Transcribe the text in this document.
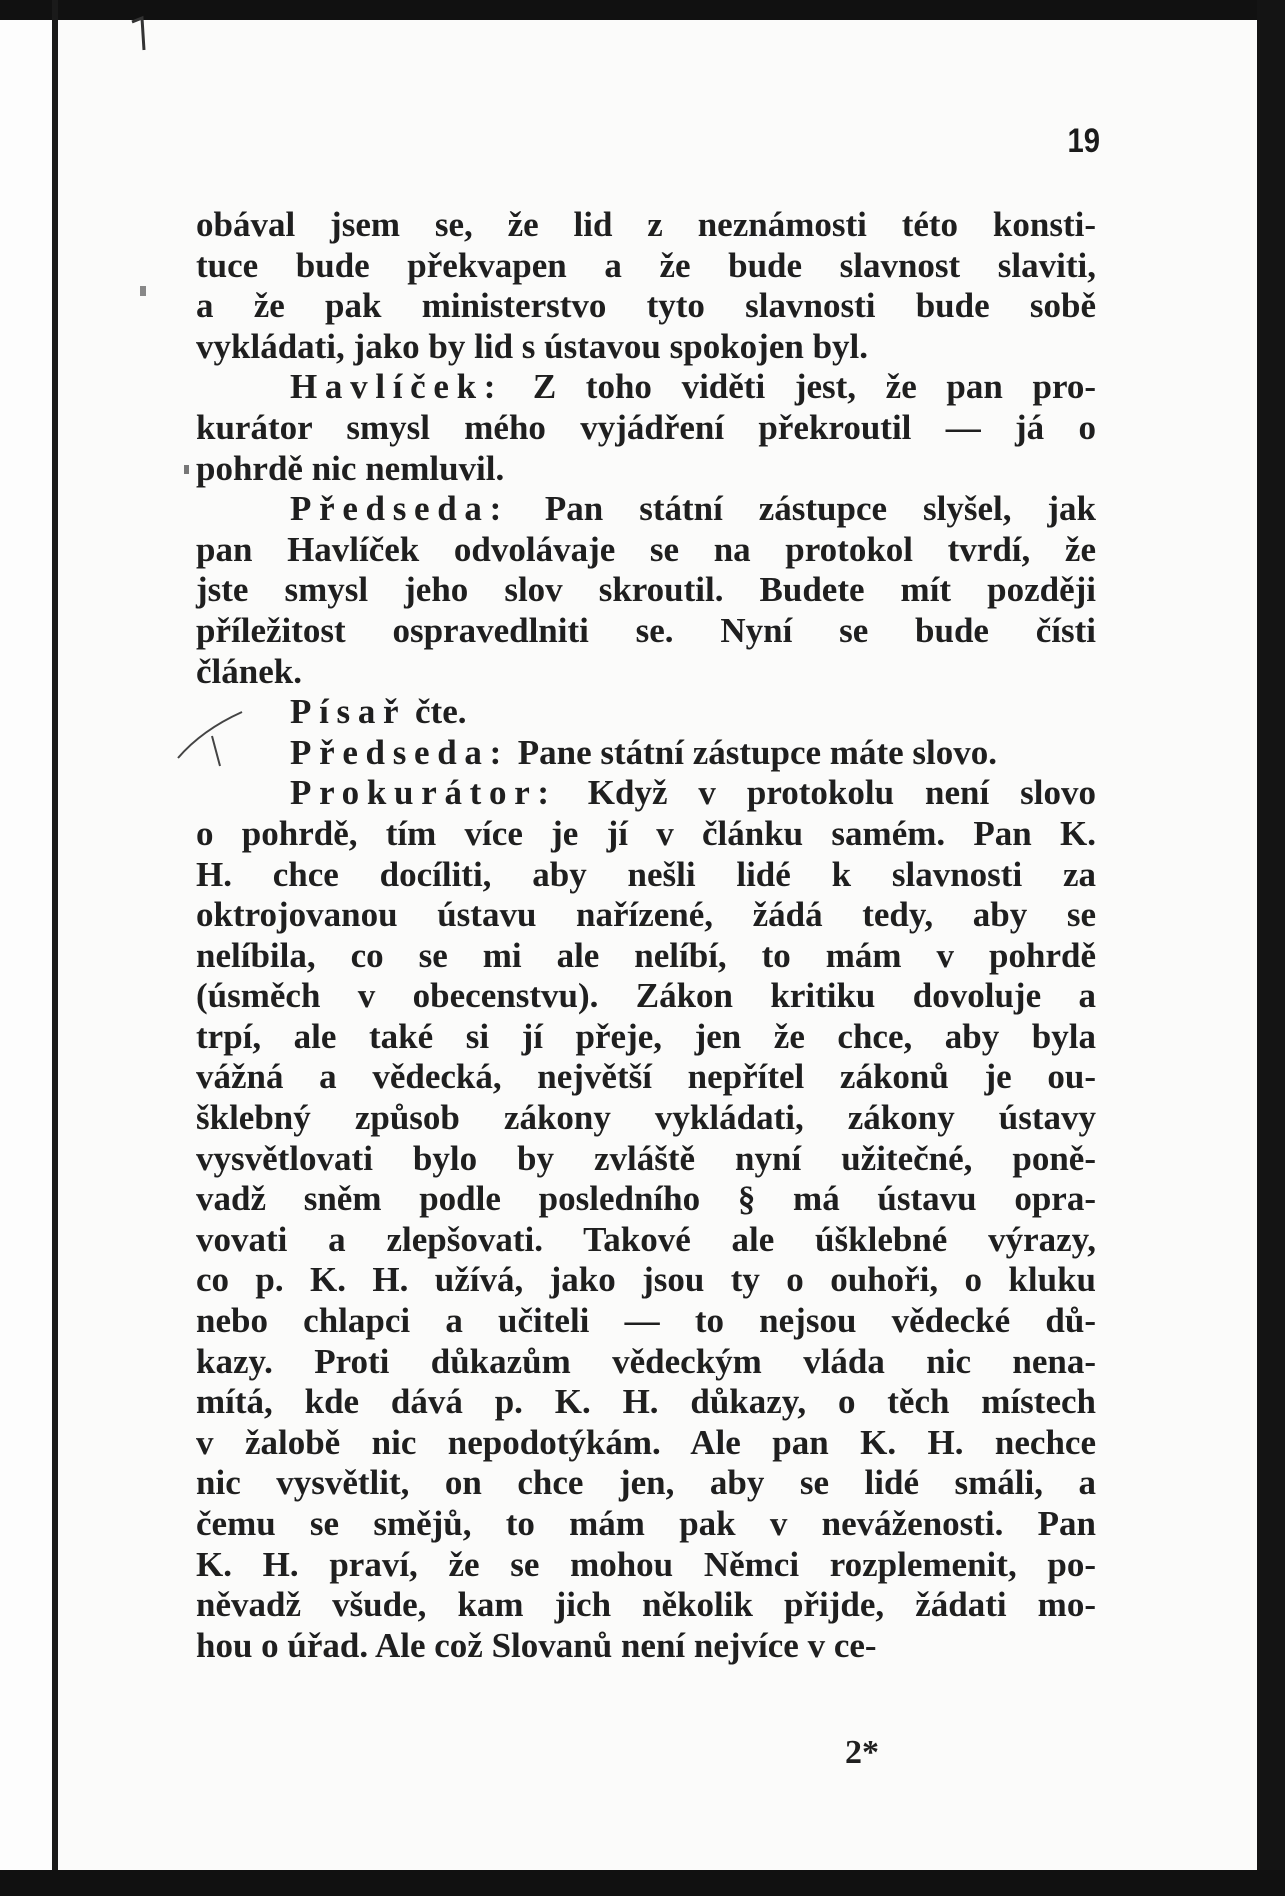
19
obával jsem se, že lid z neznámosti této konsti-
tuce bude překvapen a že bude slavnost slaviti,
a že pak ministerstvo tyto slavnosti bude sobě
vykládati, jako by lid s ústavou spokojen byl.
Havlíček: Z toho viděti jest, že pan pro-
kurátor smysl mého vyjádření překroutil — já o
pohrdě nic nemluvil.
Předseda: Pan státní zástupce slyšel, jak
pan Havlíček odvolávaje se na protokol tvrdí, že
jste smysl jeho slov skroutil. Budete mít později
příležitost ospravedlniti se. Nyní se bude čísti
článek.
Písař čte.
Předseda: Pane státní zástupce máte slovo.
Prokurátor: Když v protokolu není slovo
o pohrdě, tím více je jí v článku samém. Pan K.
H. chce docíliti, aby nešli lidé k slavnosti za
oktrojovanou ústavu nařízené, žádá tedy, aby se
nelíbila, co se mi ale nelíbí, to mám v pohrdě
(úsměch v obecenstvu). Zákon kritiku dovoluje a
trpí, ale také si jí přeje, jen že chce, aby byla
vážná a vědecká, největší nepřítel zákonů je ou-
šklebný způsob zákony vykládati, zákony ústavy
vysvětlovati bylo by zvláště nyní užitečné, poně-
vadž sněm podle posledního § má ústavu opra-
vovati a zlepšovati. Takové ale úšklebné výrazy,
co p. K. H. užívá, jako jsou ty o ouhoři, o kluku
nebo chlapci a učiteli — to nejsou vědecké dů-
kazy. Proti důkazům vědeckým vláda nic nena-
mítá, kde dává p. K. H. důkazy, o těch místech
v žalobě nic nepodotýkám. Ale pan K. H. nechce
nic vysvětlit, on chce jen, aby se lidé smáli, a
čemu se smějů, to mám pak v neváženosti. Pan
K. H. praví, že se mohou Němci rozplemenit, po-
něvadž všude, kam jich několik přijde, žádati mo-
hou o úřad. Ale což Slovanů není nejvíce v ce-
2*
